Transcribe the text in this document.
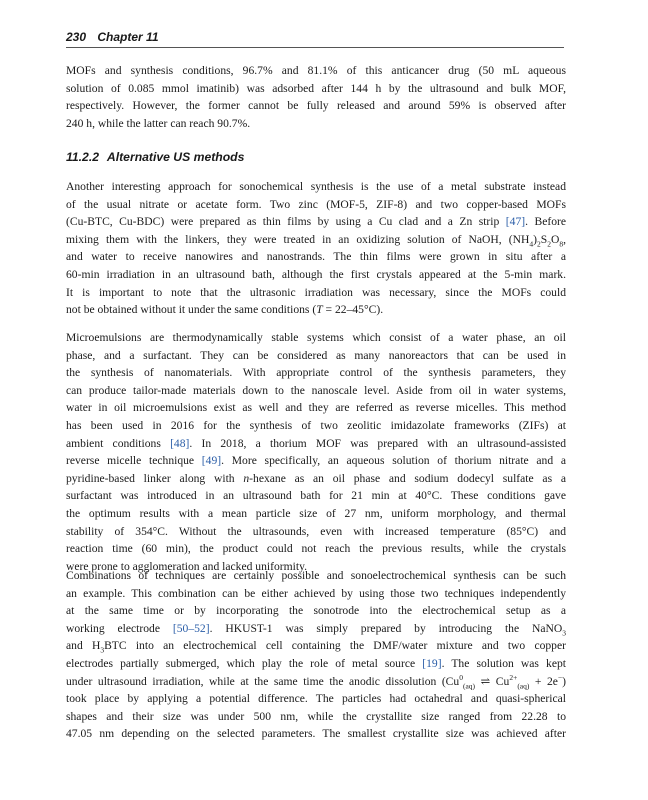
230 Chapter 11

MOFs and synthesis conditions, 96.7% and 81.1% of this anticancer drug (50 mL aqueous
solution of 0.085 mmol imatinib) was adsorbed after 144 h by the ultrasound and bulk MOF,
respectively. However, the former cannot be fully released and around 59% is observed after
240 h, while the latter can reach 90.7%.

11.2.2 Alternative US methods

Another interesting approach for sonochemical synthesis is the use of a metal substrate instead
of the usual nitrate or acetate form. Two zinc (MOF-5, ZIF-8) and two copper-based MOFs
(Cu-BTC, Cu-BDC) were prepared as thin films by using a Cu clad and a Zn strip [47]. Before
mixing them with the linkers, they were treated in an oxidizing solution of NaOH, $(NH_4)_2S_2O_8$,
and water to receive nanowires and nanostrands. The thin films were grown in situ after a
60-min irradiation in an ultrasound bath, although the first crystals appeared at the 5-min mark.
It is important to note that the ultrasonic irradiation was necessary, since the MOFs could
not be obtained without it under the same conditions (T = 22–45°C).

Microemulsions are thermodynamically stable systems which consist of a water phase, an oil
phase, and a surfactant. They can be considered as many nanoreactors that can be used in
the synthesis of nanomaterials. With appropriate control of the synthesis parameters, they
can produce tailor-made materials down to the nanoscale level. Aside from oil in water systems,
water in oil microemulsions exist as well and they are referred as reverse micelles. This method
has been used in 2016 for the synthesis of two zeolitic imidazolate frameworks (ZIFs) at
ambient conditions [48]. In 2018, a thorium MOF was prepared with an ultrasound-assisted
reverse micelle technique [49]. More specifically, an aqueous solution of thorium nitrate and a
pyridine-based linker along with n-hexane as an oil phase and sodium dodecyl sulfate as a
surfactant was introduced in an ultrasound bath for 21 min at 40°C. These conditions gave
the optimum results with a mean particle size of 27 nm, uniform morphology, and thermal
stability of 354°C. Without the ultrasounds, even with increased temperature (85°C) and
reaction time (60 min), the product could not reach the previous results, while the crystals
were prone to agglomeration and lacked uniformity.

Combinations of techniques are certainly possible and sonoelectrochemical synthesis can be such
an example. This combination can be either achieved by using those two techniques independently
at the same time or by incorporating the sonotrode into the electrochemical setup as a
working electrode [50–52]. HKUST-1 was simply prepared by introducing the NaNO$_3$
and $H_3BTC$ into an electrochemical cell containing the DMF/water mixture and two copper
electrodes partially submerged, which play the role of metal source [19]. The solution was kept
under ultrasound irradiation, while at the same time the anodic dissolution ($Cu^0_{(aq)}$ ⇌ $Cu^{2+}_{(aq)} + 2e^-$)
took place by applying a potential difference. The particles had octahedral and quasi-spherical
shapes and their size was under 500 nm, while the crystallite size ranged from 22.28 to
47.05 nm depending on the selected parameters. The smallest crystallite size was achieved after
